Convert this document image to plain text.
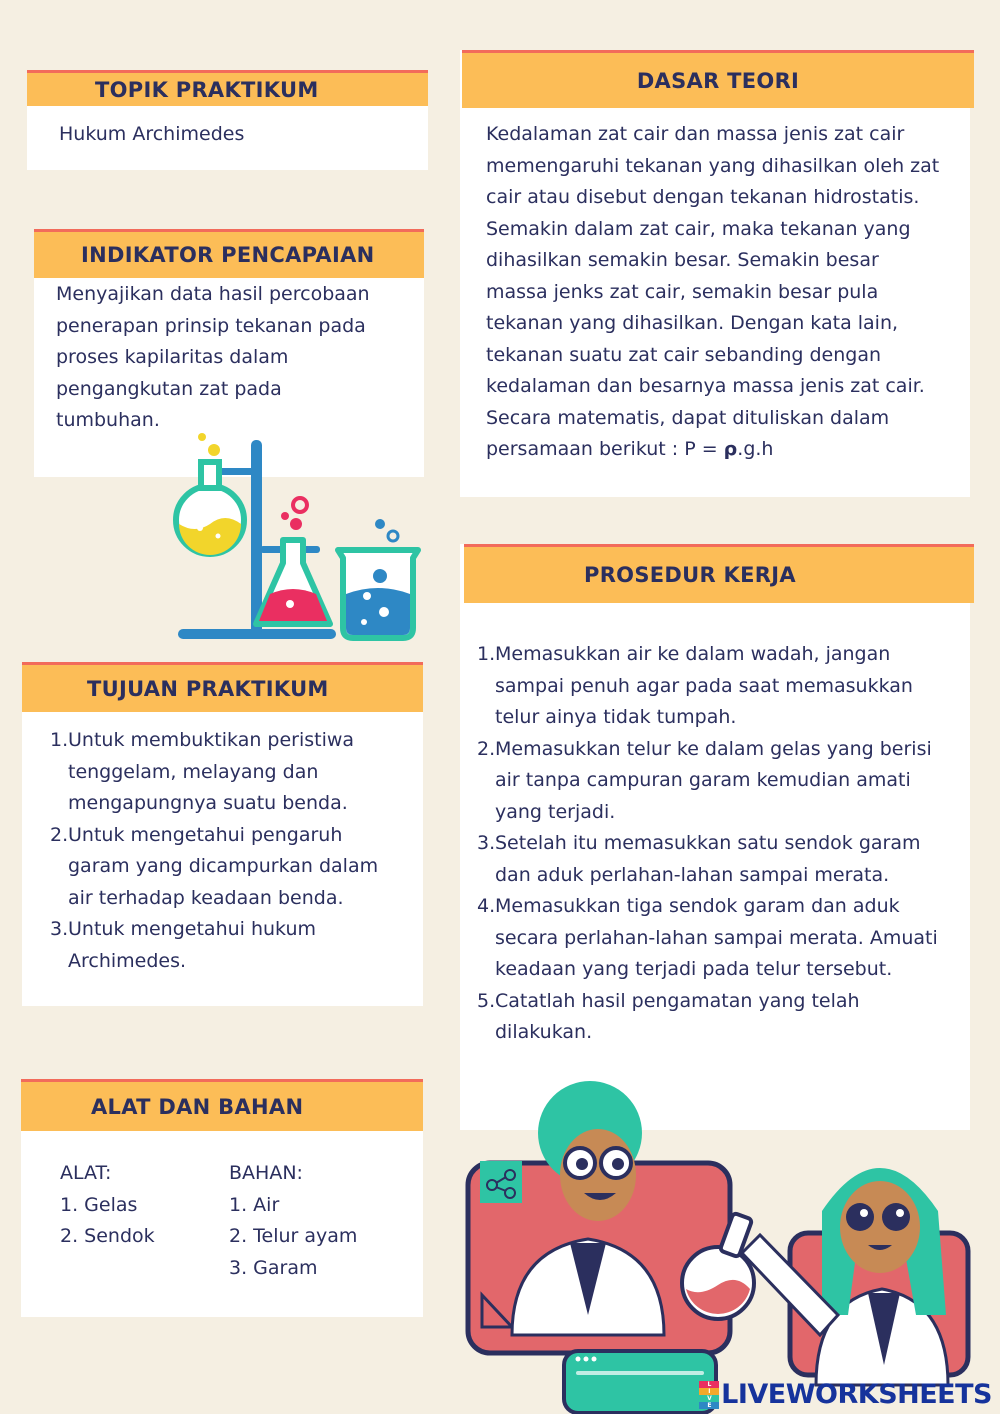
TOPIK PRAKTIKUM
Hukum Archimedes
INDIKATOR PENCAPAIAN
Menyajikan data hasil percobaan
penerapan prinsip tekanan pada
proses kapilaritas dalam
pengangkutan zat pada
tumbuhan.
TUJUAN PRAKTIKUM
Untuk membuktikan peristiwa tenggelam, melayang dan mengapungnya suatu benda.
Untuk mengetahui pengaruh garam yang dicampurkan dalam air terhadap keadaan benda.
Untuk mengetahui hukum Archimedes.
ALAT DAN BAHAN
ALAT:
1. Gelas
2. Sendok
BAHAN:
1. Air
2. Telur ayam
3. Garam
DASAR TEORI
Kedalaman zat cair dan massa jenis zat cair
memengaruhi tekanan yang dihasilkan oleh zat
cair atau disebut dengan tekanan hidrostatis.
Semakin dalam zat cair, maka tekanan yang
dihasilkan semakin besar. Semakin besar
massa jenks zat cair, semakin besar pula
tekanan yang dihasilkan. Dengan kata lain,
tekanan suatu zat cair sebanding dengan
kedalaman dan besarnya massa jenis zat cair.
Secara matematis, dapat dituliskan dalam
persamaan berikut : P = ρ.g.h
PROSEDUR KERJA
Memasukkan air ke dalam wadah, jangan sampai penuh agar pada saat memasukkan telur ainya tidak tumpah.
Memasukkan telur ke dalam gelas yang berisi air tanpa campuran garam kemudian amati yang terjadi.
Setelah itu memasukkan satu sendok garam dan aduk perlahan-lahan sampai merata.
Memasukkan tiga sendok garam dan aduk secara perlahan-lahan sampai merata. Amuati keadaan yang terjadi pada telur tersebut.
Catatlah hasil pengamatan yang telah dilakukan.
L
I
V
E LIVEWORKSHEETS
